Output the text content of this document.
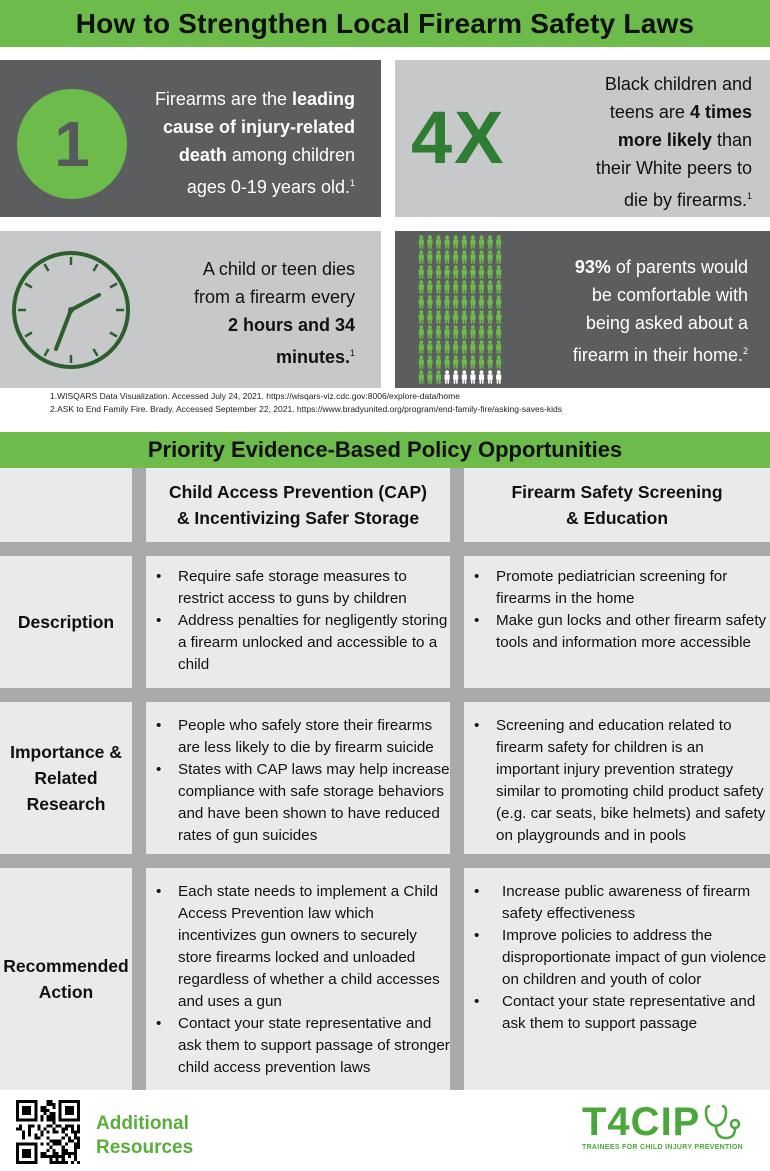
How to Strengthen Local Firearm Safety Laws
1
Firearms are the leading
cause of injury-related
death among children
ages 0-19 years old.$^1$
4X
Black children and
teens are 4 times
more likely than
their White peers to
die by firearms.$^1$
A child or teen dies
from a firearm every
2 hours and 34
minutes.$^1$
93% of parents would
be comfortable with
being asked about a
firearm in their home.$^2$
1.WISQARS Data Visualization. Accessed July 24, 2021. https://wisqars-viz.cdc.gov:8006/explore-data/home
2.ASK to End Family Fire. Brady. Accessed September 22, 2021. https://www.bradyunited.org/program/end-family-fire/asking-saves-kids
Priority Evidence-Based Policy Opportunities
Child Access Prevention (CAP)
& Incentivizing Safer Storage
Firearm Safety Screening
& Education
Description
• Require safe storage measures to restrict access to guns by children
• Address penalties for negligently storing a firearm unlocked and accessible to a child
• Promote pediatrician screening for firearms in the home
• Make gun locks and other firearm safety tools and information more accessible
Importance &
Related
Research
• People who safely store their firearms are less likely to die by firearm suicide
• States with CAP laws may help increase compliance with safe storage behaviors and have been shown to have reduced rates of gun suicides
• Screening and education related to firearm safety for children is an important injury prevention strategy similar to promoting child product safety (e.g. car seats, bike helmets) and safety on playgrounds and in pools
Recommended
Action
• Each state needs to implement a Child Access Prevention law which incentivizes gun owners to securely store firearms locked and unloaded regardless of whether a child accesses and uses a gun
• Contact your state representative and ask them to support passage of stronger child access prevention laws
• Increase public awareness of firearm safety effectiveness
• Improve policies to address the disproportionate impact of gun violence on children and youth of color
• Contact your state representative and ask them to support passage
Additional
Resources
T4CIP
TRAINEES FOR CHILD INJURY PREVENTION
